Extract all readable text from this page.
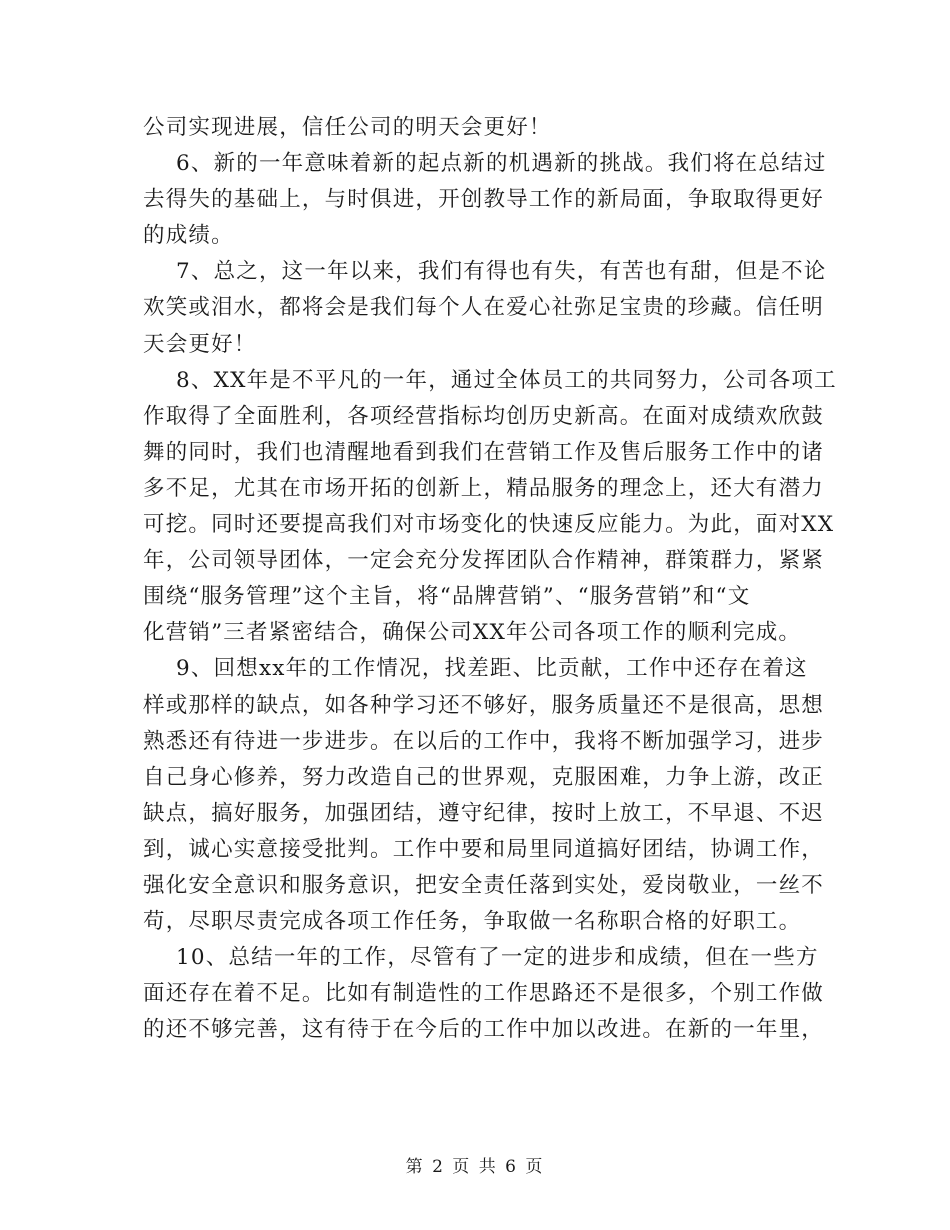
公司实现进展，信任公司的明天会更好！
6、新的一年意味着新的起点新的机遇新的挑战。我们将在总结过
去得失的基础上，与时俱进，开创教导工作的新局面，争取取得更好
的成绩。
7、总之，这一年以来，我们有得也有失，有苦也有甜，但是不论
欢笑或泪水，都将会是我们每个人在爱心社弥足宝贵的珍藏。信任明
天会更好！
8、XX年是不平凡的一年，通过全体员工的共同努力，公司各项工
作取得了全面胜利，各项经营指标均创历史新高。在面对成绩欢欣鼓
舞的同时，我们也清醒地看到我们在营销工作及售后服务工作中的诸
多不足，尤其在市场开拓的创新上，精品服务的理念上，还大有潜力
可挖。同时还要提高我们对市场变化的快速反应能力。为此，面对XX
年，公司领导团体，一定会充分发挥团队合作精神，群策群力，紧紧
围绕“服务管理”这个主旨，将“品牌营销”、“服务营销”和“文
化营销”三者紧密结合，确保公司XX年公司各项工作的顺利完成。
9、回想xx年的工作情况，找差距、比贡献，工作中还存在着这
样或那样的缺点，如各种学习还不够好，服务质量还不是很高，思想
熟悉还有待进一步进步。在以后的工作中，我将不断加强学习，进步
自己身心修养，努力改造自己的世界观，克服困难，力争上游，改正
缺点，搞好服务，加强团结，遵守纪律，按时上放工，不早退、不迟
到，诚心实意接受批判。工作中要和局里同道搞好团结，协调工作，
强化安全意识和服务意识，把安全责任落到实处，爱岗敬业，一丝不
苟，尽职尽责完成各项工作任务，争取做一名称职合格的好职工。
10、总结一年的工作，尽管有了一定的进步和成绩，但在一些方
面还存在着不足。比如有制造性的工作思路还不是很多，个别工作做
的还不够完善，这有待于在今后的工作中加以改进。在新的一年里，
第 2 页 共 6 页
